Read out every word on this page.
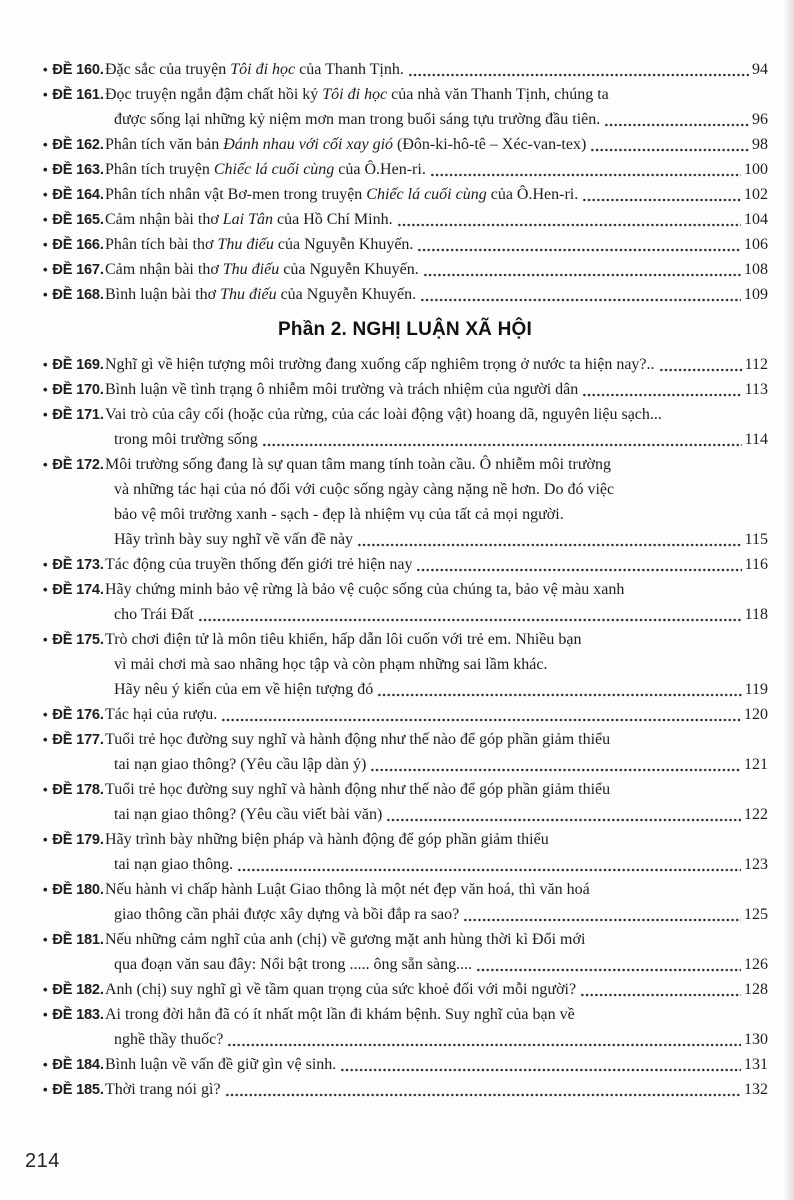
• ĐỀ 160. Đặc sắc của truyện Tôi đi học của Thanh Tịnh.	94
• ĐỀ 161. Đọc truyện ngắn đậm chất hồi ký Tôi đi học của nhà văn Thanh Tịnh, chúng ta
được sống lại những kỷ niệm mơn man trong buổi sáng tựu trường đầu tiên.	96
• ĐỀ 162. Phân tích văn bản Đánh nhau với cối xay gió (Đôn-ki-hô-tê – Xéc-van-tex)	98
• ĐỀ 163. Phân tích truyện Chiếc lá cuối cùng của Ô.Hen-ri.	100
• ĐỀ 164. Phân tích nhân vật Bơ-men trong truyện Chiếc lá cuối cùng của Ô.Hen-ri.	102
• ĐỀ 165. Cảm nhận bài thơ Lai Tân của Hồ Chí Minh.	104
• ĐỀ 166. Phân tích bài thơ Thu điếu của Nguyễn Khuyến.	106
• ĐỀ 167. Cảm nhận bài thơ Thu điếu của Nguyễn Khuyến.	108
• ĐỀ 168. Bình luận bài thơ Thu điếu của Nguyễn Khuyến.	109
Phần 2. NGHỊ LUẬN XÃ HỘI
• ĐỀ 169. Nghĩ gì về hiện tượng môi trường đang xuống cấp nghiêm trọng ở nước ta hiện nay?..	112
• ĐỀ 170. Bình luận về tình trạng ô nhiễm môi trường và trách nhiệm của người dân	113
• ĐỀ 171. Vai trò của cây cối (hoặc của rừng, của các loài động vật) hoang dã, nguyên liệu sạch...
trong môi trường sống	114
• ĐỀ 172. Môi trường sống đang là sự quan tâm mang tính toàn cầu. Ô nhiễm môi trường
và những tác hại của nó đối với cuộc sống ngày càng nặng nề hơn. Do đó việc
bảo vệ môi trường xanh - sạch - đẹp là nhiệm vụ của tất cả mọi người.
Hãy trình bày suy nghĩ về vấn đề này	115
• ĐỀ 173. Tác động của truyền thống đến giới trẻ hiện nay	116
• ĐỀ 174. Hãy chứng minh bảo vệ rừng là bảo vệ cuộc sống của chúng ta, bảo vệ màu xanh
cho Trái Đất	118
• ĐỀ 175. Trò chơi điện tử là môn tiêu khiển, hấp dẫn lôi cuốn với trẻ em. Nhiều bạn
vì mải chơi mà sao nhãng học tập và còn phạm những sai lầm khác.
Hãy nêu ý kiến của em về hiện tượng đó	119
• ĐỀ 176. Tác hại của rượu.	120
• ĐỀ 177. Tuổi trẻ học đường suy nghĩ và hành động như thế nào để góp phần giảm thiểu
tai nạn giao thông? (Yêu cầu lập dàn ý)	121
• ĐỀ 178. Tuổi trẻ học đường suy nghĩ và hành động như thế nào để góp phần giảm thiểu
tai nạn giao thông? (Yêu cầu viết bài văn)	122
• ĐỀ 179. Hãy trình bày những biện pháp và hành động để góp phần giảm thiểu
tai nạn giao thông.	123
• ĐỀ 180. Nếu hành vi chấp hành Luật Giao thông là một nét đẹp văn hoá, thì văn hoá
giao thông cần phải được xây dựng và bồi đắp ra sao?	125
• ĐỀ 181. Nếu những cảm nghĩ của anh (chị) về gương mặt anh hùng thời kì Đổi mới
qua đoạn văn sau đây: Nổi bật trong ..... ông sẵn sàng....	126
• ĐỀ 182. Anh (chị) suy nghĩ gì về tầm quan trọng của sức khoẻ đối với mỗi người?	128
• ĐỀ 183. Ai trong đời hẳn đã có ít nhất một lần đi khám bệnh. Suy nghĩ của bạn về
nghề thầy thuốc?	130
• ĐỀ 184. Bình luận về vấn đề giữ gìn vệ sinh.	131
• ĐỀ 185. Thời trang nói gì?	132
214
